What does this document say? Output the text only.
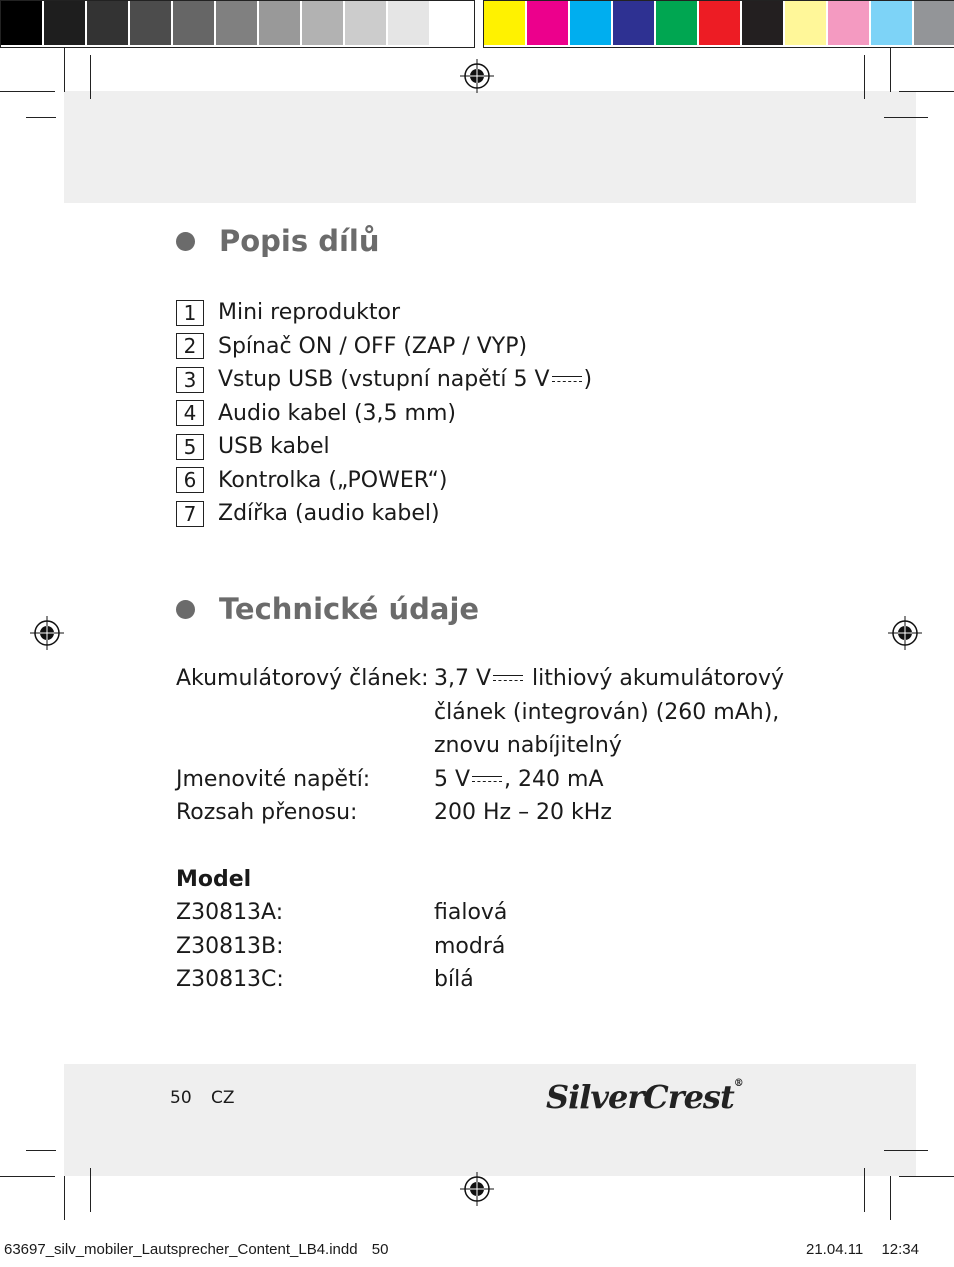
Popis dílů
1 Mini reproduktor
2 Spínač ON / OFF (ZAP / VYP)
3 Vstup USB (vstupní napětí 5 V )
4 Audio kabel (3,5 mm)
5 USB kabel
6 Kontrolka („POWER“)
7 Zdířka (audio kabel)
Technické údaje
Akumulátorový článek: 3,7 V lithiový akumulátorový
článek (integrován) (260 mAh),
znovu nabíjitelný
Jmenovité napětí:	5 V , 240 mA
Rozsah přenosu:	200 Hz – 20 kHz
Model
Z30813A:	fialová
Z30813B:	modrá
Z30813C:	bílá
50 CZ	SilverCrest®
63697_silv_mobiler_Lautsprecher_Content_LB4.indd 50	21.04.11 12:34
